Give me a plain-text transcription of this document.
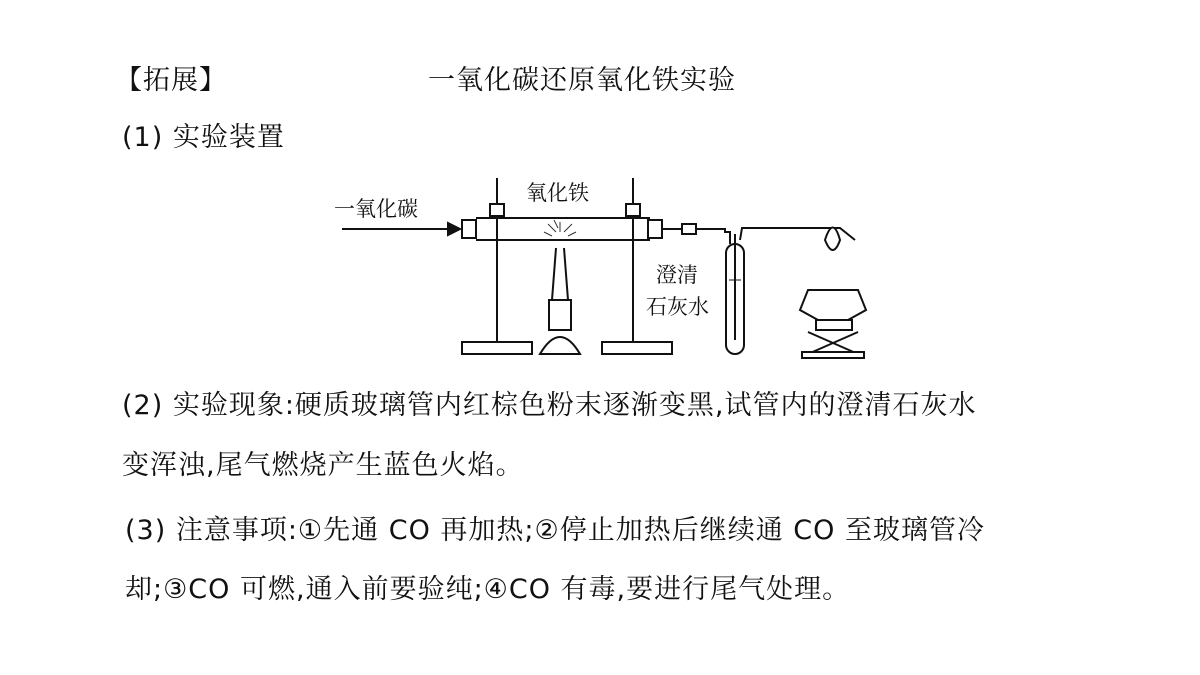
【拓展】	一氧化碳还原氧化铁实验
(1) 实验装置
一氧化碳
氧化铁
澄清
石灰水
(2) 实验现象:硬质玻璃管内红棕色粉末逐渐变黑,试管内的澄清石灰水
变浑浊,尾气燃烧产生蓝色火焰。
(3) 注意事项:①先通 CO 再加热;②停止加热后继续通 CO 至玻璃管冷
却;③CO 可燃,通入前要验纯;④CO 有毒,要进行尾气处理。
